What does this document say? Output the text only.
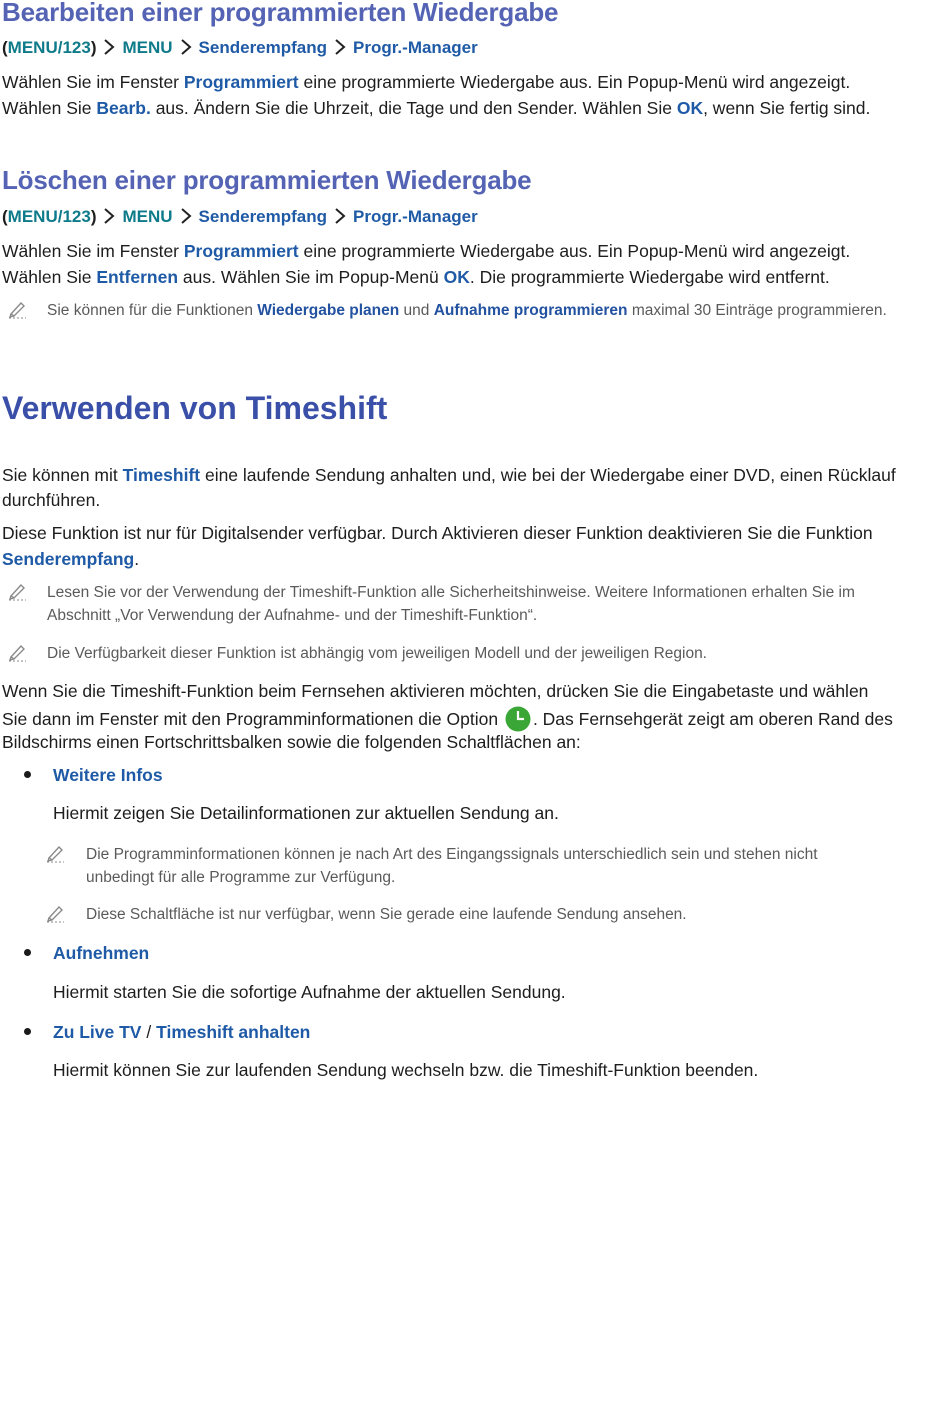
Bearbeiten einer programmierten Wiedergabe
(MENU/123) MENU Senderempfang Progr.-Manager
Wählen Sie im Fenster Programmiert eine programmierte Wiedergabe aus. Ein Popup-Menü wird angezeigt.
Wählen Sie Bearb. aus. Ändern Sie die Uhrzeit, die Tage und den Sender. Wählen Sie OK, wenn Sie fertig sind.
Löschen einer programmierten Wiedergabe
(MENU/123) MENU Senderempfang Progr.-Manager
Wählen Sie im Fenster Programmiert eine programmierte Wiedergabe aus. Ein Popup-Menü wird angezeigt.
Wählen Sie Entfernen aus. Wählen Sie im Popup-Menü OK. Die programmierte Wiedergabe wird entfernt.
Sie können für die Funktionen Wiedergabe planen und Aufnahme programmieren maximal 30 Einträge programmieren.
Verwenden von Timeshift
Sie können mit Timeshift eine laufende Sendung anhalten und, wie bei der Wiedergabe einer DVD, einen Rücklauf
durchführen.
Diese Funktion ist nur für Digitalsender verfügbar. Durch Aktivieren dieser Funktion deaktivieren Sie die Funktion
Senderempfang.
Lesen Sie vor der Verwendung der Timeshift-Funktion alle Sicherheitshinweise. Weitere Informationen erhalten Sie im
Abschnitt „Vor Verwendung der Aufnahme- und der Timeshift-Funktion“.
Die Verfügbarkeit dieser Funktion ist abhängig vom jeweiligen Modell und der jeweiligen Region.
Wenn Sie die Timeshift-Funktion beim Fernsehen aktivieren möchten, drücken Sie die Eingabetaste und wählen
Sie dann im Fenster mit den Programminformationen die Option . Das Fernsehgerät zeigt am oberen Rand des
Bildschirms einen Fortschrittsbalken sowie die folgenden Schaltflächen an:
Weitere Infos
Hiermit zeigen Sie Detailinformationen zur aktuellen Sendung an.
Die Programminformationen können je nach Art des Eingangssignals unterschiedlich sein und stehen nicht
unbedingt für alle Programme zur Verfügung.
Diese Schaltfläche ist nur verfügbar, wenn Sie gerade eine laufende Sendung ansehen.
Aufnehmen
Hiermit starten Sie die sofortige Aufnahme der aktuellen Sendung.
Zu Live TV / Timeshift anhalten
Hiermit können Sie zur laufenden Sendung wechseln bzw. die Timeshift-Funktion beenden.
